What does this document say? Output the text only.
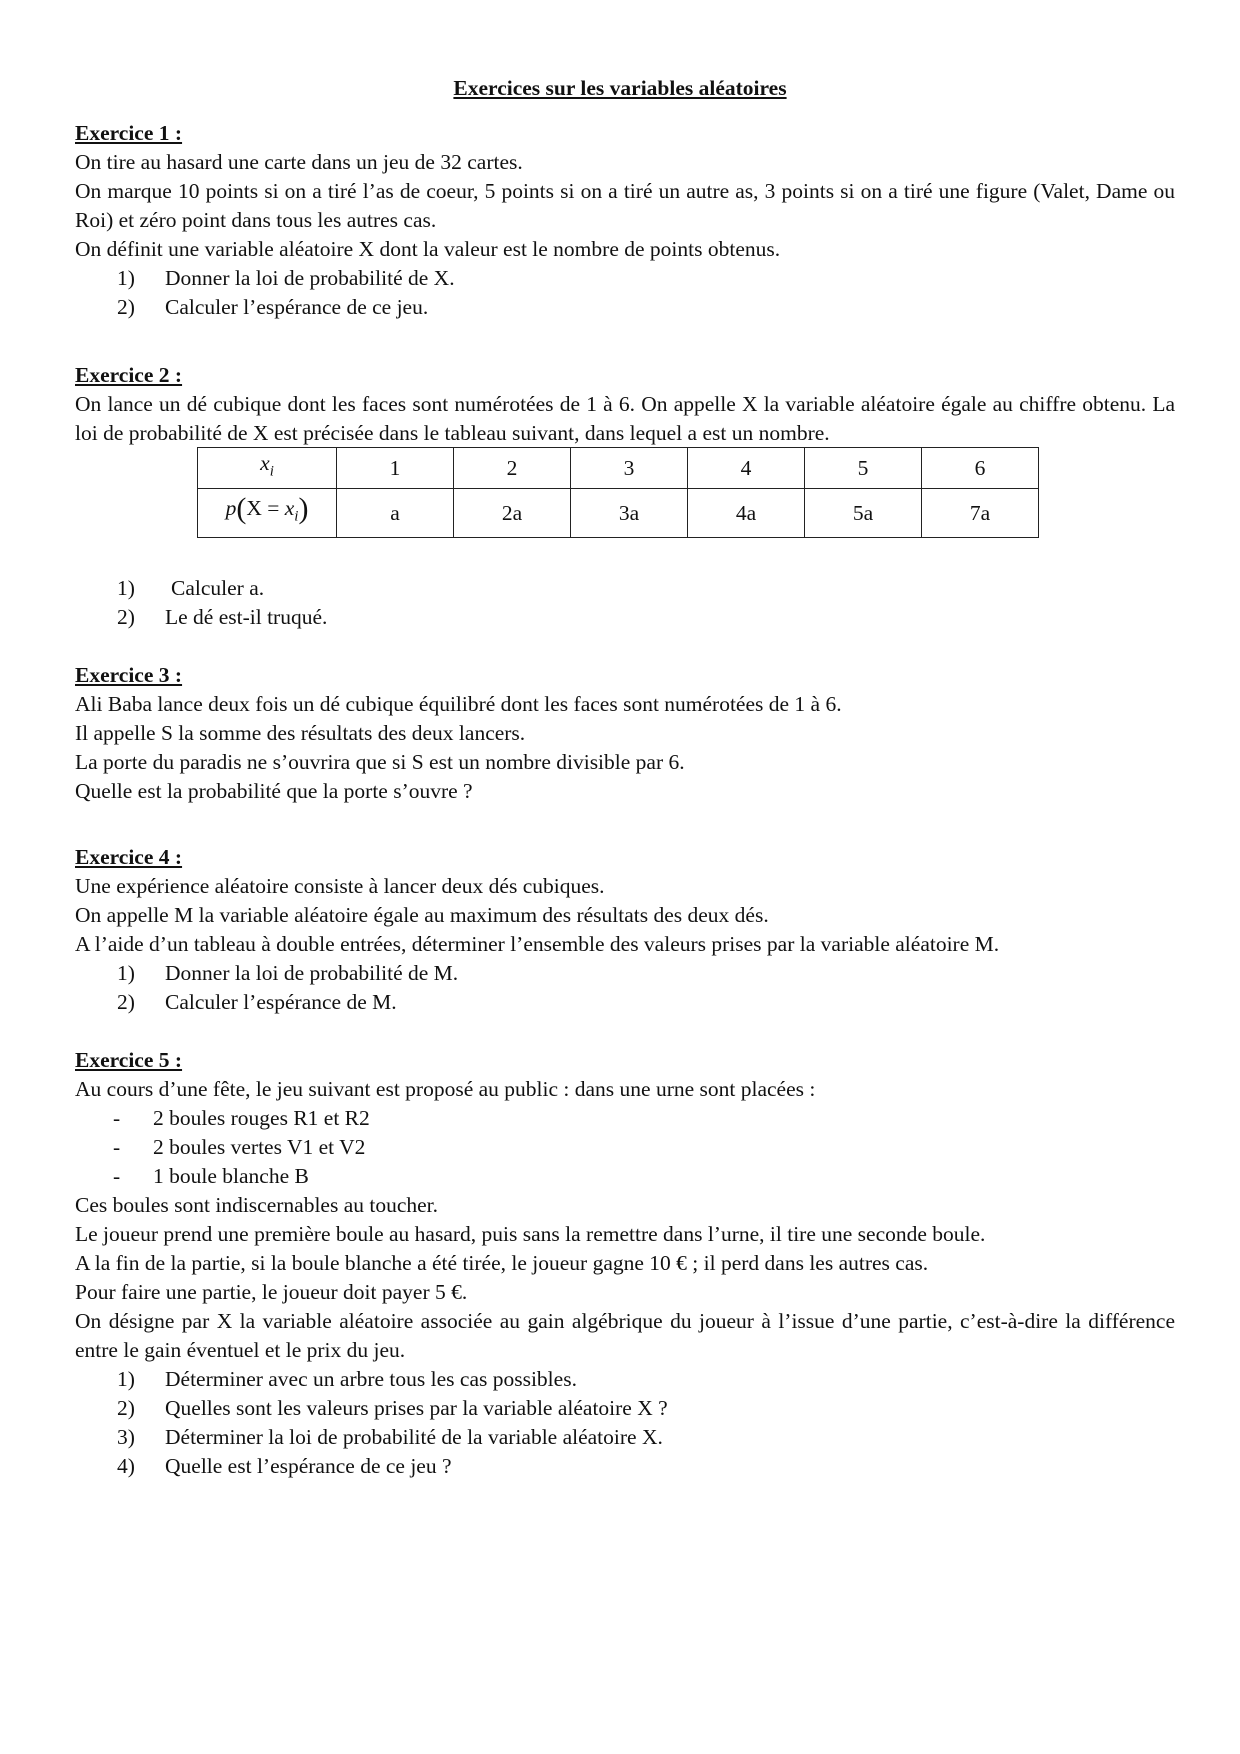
Exercices sur les variables aléatoires
Exercice 1 :
On tire au hasard une carte dans un jeu de 32 cartes.
On marque 10 points si on a tiré l’as de coeur, 5 points si on a tiré un autre as, 3 points si on a tiré une figure (Valet, Dame ou Roi) et zéro point dans tous les autres cas.
On définit une variable aléatoire X dont la valeur est le nombre de points obtenus.
1)	Donner la loi de probabilité de X.
2)	Calculer l’espérance de ce jeu.
Exercice 2 :
On lance un dé cubique dont les faces sont numérotées de 1 à 6. On appelle X la variable aléatoire égale au chiffre obtenu. La loi de probabilité de X est précisée dans le tableau suivant, dans lequel a est un nombre.
$x_i$	1	2	3	4	5	6
$p(X = x_i)$	a	2a	3a	4a	5a	7a
1)	Calculer a.
2)	Le dé est-il truqué.
Exercice 3 :
Ali Baba lance deux fois un dé cubique équilibré dont les faces sont numérotées de 1 à 6.
Il appelle S la somme des résultats des deux lancers.
La porte du paradis ne s’ouvrira que si S est un nombre divisible par 6.
Quelle est la probabilité que la porte s’ouvre ?
Exercice 4 :
Une expérience aléatoire consiste à lancer deux dés cubiques.
On appelle M la variable aléatoire égale au maximum des résultats des deux dés.
A l’aide d’un tableau à double entrées, déterminer l’ensemble des valeurs prises par la variable aléatoire M.
1)	Donner la loi de probabilité de M.
2)	Calculer l’espérance de M.
Exercice 5 :
Au cours d’une fête, le jeu suivant est proposé au public : dans une urne sont placées :
-	2 boules rouges R1 et R2
-	2 boules vertes V1 et V2
-	1 boule blanche B
Ces boules sont indiscernables au toucher.
Le joueur prend une première boule au hasard, puis sans la remettre dans l’urne, il tire une seconde boule.
A la fin de la partie, si la boule blanche a été tirée, le joueur gagne 10 € ; il perd dans les autres cas.
Pour faire une partie, le joueur doit payer 5 €.
On désigne par X la variable aléatoire associée au gain algébrique du joueur à l’issue d’une partie, c’est-à-dire la différence entre le gain éventuel et le prix du jeu.
1)	Déterminer avec un arbre tous les cas possibles.
2)	Quelles sont les valeurs prises par la variable aléatoire X ?
3)	Déterminer la loi de probabilité de la variable aléatoire X.
4)	Quelle est l’espérance de ce jeu ?
